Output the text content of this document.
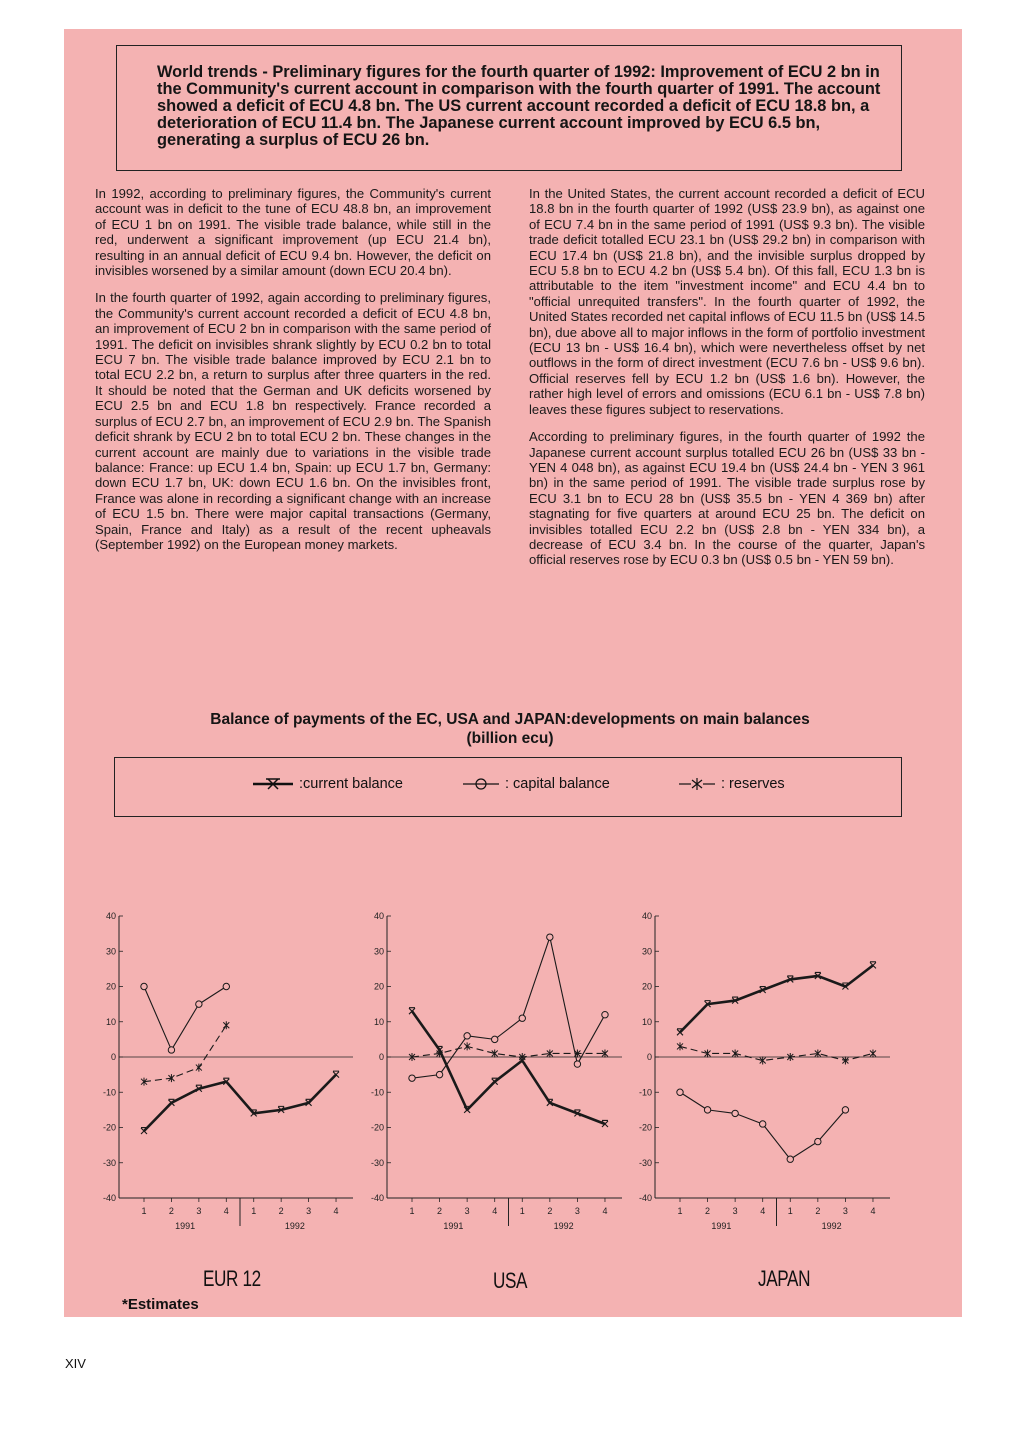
World trends - Preliminary figures for the fourth quarter of 1992: Improvement of ECU 2 bn in the Community's current account in comparison with the fourth quarter of 1991. The account showed a deficit of ECU 4.8 bn. The US current account recorded a deficit of ECU 18.8 bn, a deterioration of ECU 11.4 bn. The Japanese current account improved by ECU 6.5 bn, generating a surplus of ECU 26 bn.

In 1992, according to preliminary figures, the Community's current account was in deficit to the tune of ECU 48.8 bn, an improvement of ECU 1 bn on 1991. The visible trade balance, while still in the red, underwent a significant improvement (up ECU 21.4 bn), resulting in an annual deficit of ECU 9.4 bn. However, the deficit on invisibles worsened by a similar amount (down ECU 20.4 bn).

In the fourth quarter of 1992, again according to preliminary figures, the Community's current account recorded a deficit of ECU 4.8 bn, an improvement of ECU 2 bn in comparison with the same period of 1991. The deficit on invisibles shrank slightly by ECU 0.2 bn to total ECU 7 bn. The visible trade balance improved by ECU 2.1 bn to total ECU 2.2 bn, a return to surplus after three quarters in the red. It should be noted that the German and UK deficits worsened by ECU 2.5 bn and ECU 1.8 bn respectively. France recorded a surplus of ECU 2.7 bn, an improvement of ECU 2.9 bn. The Spanish deficit shrank by ECU 2 bn to total ECU 2 bn. These changes in the current account are mainly due to variations in the visible trade balance: France: up ECU 1.4 bn, Spain: up ECU 1.7 bn, Germany: down ECU 1.7 bn, UK: down ECU 1.6 bn. On the invisibles front, France was alone in recording a significant change with an increase of ECU 1.5 bn. There were major capital transactions (Germany, Spain, France and Italy) as a result of the recent upheavals (September 1992) on the European money markets.

In the United States, the current account recorded a deficit of ECU 18.8 bn in the fourth quarter of 1992 (US$ 23.9 bn), as against one of ECU 7.4 bn in the same period of 1991 (US$ 9.3 bn). The visible trade deficit totalled ECU 23.1 bn (US$ 29.2 bn) in comparison with ECU 17.4 bn (US$ 21.8 bn), and the invisible surplus dropped by ECU 5.8 bn to ECU 4.2 bn (US$ 5.4 bn). Of this fall, ECU 1.3 bn is attributable to the item "investment income" and ECU 4.4 bn to "official unrequited transfers". In the fourth quarter of 1992, the United States recorded net capital inflows of ECU 11.5 bn (US$ 14.5 bn), due above all to major inflows in the form of portfolio investment (ECU 13 bn - US$ 16.4 bn), which were nevertheless offset by net outflows in the form of direct investment (ECU 7.6 bn - US$ 9.6 bn). Official reserves fell by ECU 1.2 bn (US$ 1.6 bn). However, the rather high level of errors and omissions (ECU 6.1 bn - US$ 7.8 bn) leaves these figures subject to reservations.

According to preliminary figures, in the fourth quarter of 1992 the Japanese current account surplus totalled ECU 26 bn (US$ 33 bn - YEN 4 048 bn), as against ECU 19.4 bn (US$ 24.4 bn - YEN 3 961 bn) in the same period of 1991. The visible trade surplus rose by ECU 3.1 bn to ECU 28 bn (US$ 35.5 bn - YEN 4 369 bn) after stagnating for five quarters at around ECU 25 bn. The deficit on invisibles totalled ECU 2.2 bn (US$ 2.8 bn - YEN 334 bn), a decrease of ECU 3.4 bn. In the course of the quarter, Japan's official reserves rose by ECU 0.3 bn (US$ 0.5 bn - YEN 59 bn).

Balance of payments of the EC, USA and JAPAN:developments on main balances
(billion ecu)
:current balance	: capital balance	: reserves
40
30
20
10
0
-10
-20
-30
-40
1 2 3 4 1 2 3 4
1991	1992
40
30
20
10
0
-10
-20
-30
-40
1	2	3	4	1	2	3	4
1991	1992
40
30
20
10
0
-10
-20
-30
-40
1	2	3	4	1	2	3	4
1991	1992
EUR 12	USA	JAPAN
*Estimates
XIV
